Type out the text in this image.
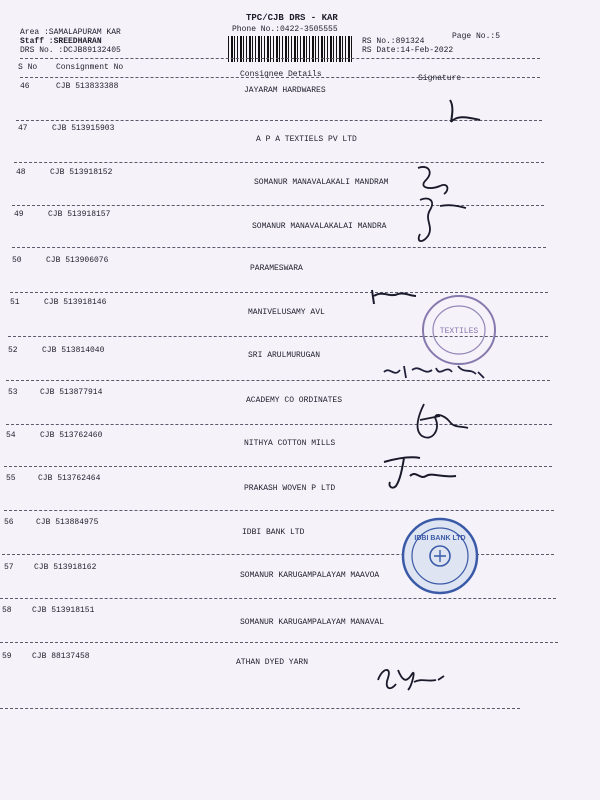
TPC/CJB DRS - KAR
Phone No.:0422-3505555
Area :SAMALAPURAM KAR
Staff :SREEDHARAN
DRS No. :DCJB89132405
RS No.:891324
RS Date:14-Feb-2022
Page No.:5
S No Consignment No
Consignee Details	Signature
46	CJB 513833388	JAYARAM HARDWARES
47	CJB 513915903
A P A TEXTIELS PV LTD
48	CJB 513918152
SOMANUR MANAVALAKALI MANDRAM
49	CJB 513918157
SOMANUR MANAVALAKALAI MANDRA
50	CJB 513906076
PARAMESWARA
51	CJB 513918146
MANIVELUSAMY AVL
52	CJB 513814040
SRI ARULMURUGAN
53	CJB 513877914
ACADEMY CO ORDINATES
54	CJB 513762460
NITHYA COTTON MILLS
55	CJB 513762464
PRAKASH WOVEN P LTD
56	CJB 513884975
IDBI BANK LTD
57	CJB 513918162
SOMANUR KARUGAMPALAYAM MAAVOA
58	CJB 513918151
SOMANUR KARUGAMPALAYAM MANAVAL
59	CJB 88137458
ATHAN DYED YARN
TEXTILES
IDBI BANK LTD
